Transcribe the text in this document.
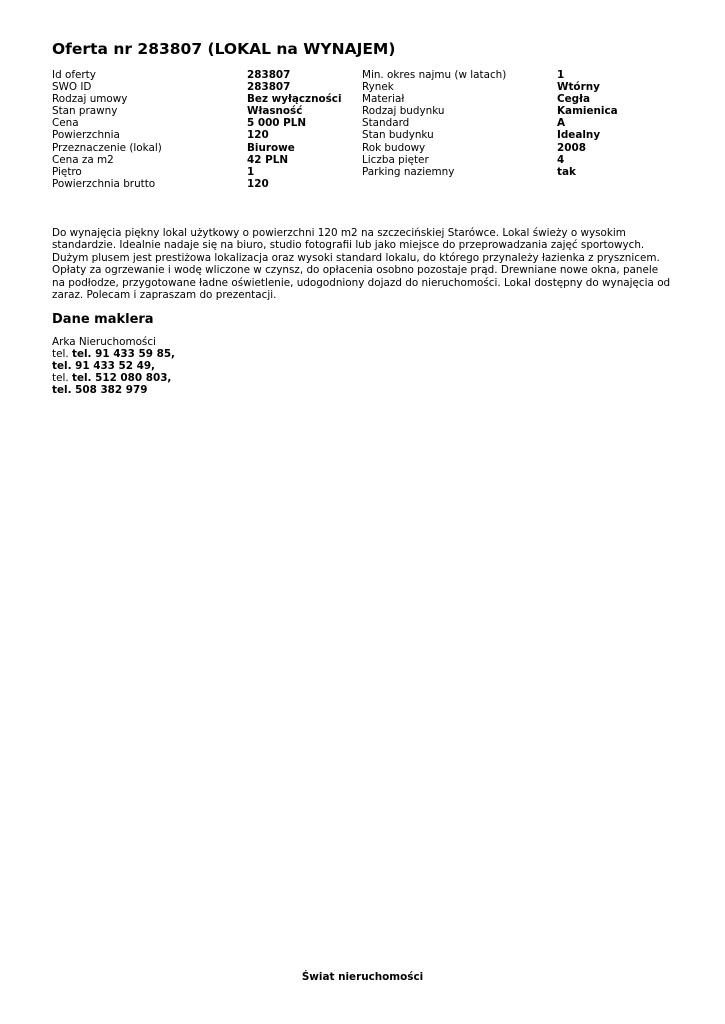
Oferta nr 283807 (LOKAL na WYNAJEM)
Id oferty	283807
SWO ID	283807
Rodzaj umowy	Bez wyłączności
Stan prawny	Własność
Cena	5 000 PLN
Powierzchnia	120
Przeznaczenie (lokal)	Biurowe
Cena za m2	42 PLN
Piętro	1
Powierzchnia brutto	120
Min. okres najmu (w latach)	1
Rynek	Wtórny
Materiał	Cegła
Rodzaj budynku	Kamienica
Standard	A
Stan budynku	Idealny
Rok budowy	2008
Liczba pięter	4
Parking naziemny	tak

Do wynajęcia piękny lokal użytkowy o powierzchni 120 m2 na szczecińskiej Starówce. Lokal świeży o wysokim standardzie. Idealnie nadaje się na biuro, studio fotografii lub jako miejsce do przeprowadzania zajęć sportowych. Dużym plusem jest prestiżowa lokalizacja oraz wysoki standard lokalu, do którego przynależy łazienka z prysznicem. Opłaty za ogrzewanie i wodę wliczone w czynsz, do opłacenia osobno pozostaje prąd. Drewniane nowe okna, panele na podłodze, przygotowane ładne oświetlenie, udogodniony dojazd do nieruchomości. Lokal dostępny do wynajęcia od zaraz. Polecam i zapraszam do prezentacji.

Dane maklera
Arka Nieruchomości
tel. tel. 91 433 59 85,
tel. 91 433 52 49,
tel. tel. 512 080 803,
tel. 508 382 979
Świat nieruchomości
